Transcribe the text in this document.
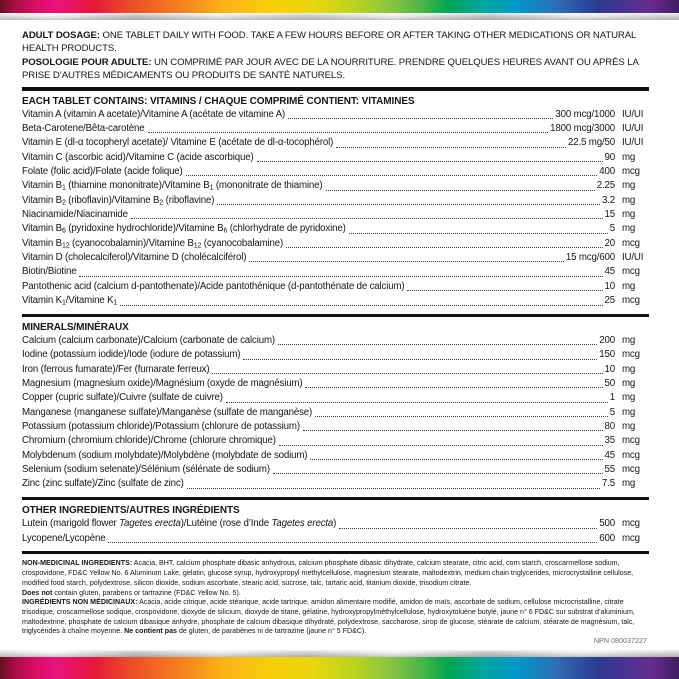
ADULT DOSAGE: ONE TABLET DAILY WITH FOOD. TAKE A FEW HOURS BEFORE OR AFTER TAKING OTHER MEDICATIONS OR NATURAL HEALTH PRODUCTS.

POSOLOGIE POUR ADULTE: UN COMPRIMÉ PAR JOUR AVEC DE LA NOURRITURE. PRENDRE QUELQUES HEURES AVANT OU APRÈS LA PRISE D’AUTRES MÉDICAMENTS OU PRODUITS DE SANTÉ NATURELS.

EACH TABLET CONTAINS: VITAMINS / CHAQUE COMPRIMÉ CONTIENT: VITAMINES
Vitamin A (vitamin A acetate)/Vitamine A (acétate de vitamine A)	300 mcg/1000 IU/UI
Beta-Carotene/Bêta-carotène	1800 mcg/3000 IU/UI
Vitamin E (dl-α tocopheryl acetate)/ Vitamine E (acétate de dl-α-tocophérol)	22.5 mg/50 IU/UI
Vitamin C (ascorbic acid)/Vitamine C (acide ascorbique)	90 mg
Folate (folic acid)/Folate (acide folique)	400 mcg
Vitamin $B_1$ (thiamine mononitrate)/Vitamine $B_1$ (mononitrate de thiamine)	2.25 mg
Vitamin $B_2$ (riboflavin)/Vitamine $B_2$ (riboflavine)	3.2 mg
Niacinamide/Niacinamide	15 mg
Vitamin $B_6$ (pyridoxine hydrochloride)/Vitamine $B_6$ (chlorhydrate de pyridoxine)	5 mg
Vitamin $B_{12}$ (cyanocobalamin)/Vitamine $B_{12}$ (cyanocobalamine)	20 mcg
Vitamin D (cholecalciferol)/Vitamine D (cholécalciférol)	15 mcg/600 IU/UI
Biotin/Biotine	45 mcg
Pantothenic acid (calcium d-pantothenate)/Acide pantothénique (d-pantothénate de calcium)	10 mg
Vitamin $K_1$/Vitamine $K_1$	25 mcg
MINERALS/MINÉRAUX
Calcium (calcium carbonate)/Calcium (carbonate de calcium)	200 mg
Iodine (potassium iodide)/Iode (iodure de potassium)	150 mcg
Iron (ferrous fumarate)/Fer (fumarate ferreux)	10 mg
Magnesium (magnesium oxide)/Magnésium (oxyde de magnésium)	50 mg
Copper (cupric sulfate)/Cuivre (sulfate de cuivre)	1 mg
Manganese (manganese sulfate)/Manganèse (sulfate de manganèse)	5 mg
Potassium (potassium chloride)/Potassium (chlorure de potassium)	80 mg
Chromium (chromium chloride)/Chrome (chlorure chromique)	35 mcg
Molybdenum (sodium molybdate)/Molybdène (molybdate de sodium)	45 mcg
Selenium (sodium selenate)/Sélénium (sélénate de sodium)	55 mcg
Zinc (zinc sulfate)/Zinc (sulfate de zinc)	7.5 mg
OTHER INGREDIENTS/AUTRES INGRÉDIENTS
Lutein (marigold flower Tagetes erecta)/Lutéine (rose d’Inde Tagetes erecta)	500 mcg
Lycopene/Lycopène	600 mcg

NON-MEDICINAL INGREDIENTS: Acacia, BHT, calcium phosphate dibasic anhydrous, calcium phosphate dibasic dihydrate, calcium stearate, citric acid, corn starch, croscarmellose sodium, crospovidone, FD&C Yellow No. 6 Aluminum Lake, gelatin, glucose syrup, hydroxypropyl methylcellulose, magnesium stearate, maltodextrin, medium chain triglycerides, microcrystalline cellulose, modified food starch, polydextrose, silicon dioxide, sodium ascorbate, stearic acid, sucrose, talc, tartaric acid, titanium dioxide, trisodium citrate.

Does not contain gluten, parabens or tartrazine (FD&C Yellow No. 5).

INGRÉDIENTS NON MÉDICINAUX: Acacia, acide citrique, acide stéarique, acide tartrique, amidon alimentaire modifié, amidon de maïs, ascorbate de sodium, cellulose microcristalline, citrate trisodique, croscarmellose sodique, crospovidone, dioxyde de silicium, dioxyde de titane, gélatine, hydroxypropylméthylcellulose, hydroxytoluène butylé, jaune n° 6 FD&C sur substrat d’aluminium, maltodextrine, phosphate de calcium dibasique anhydre, phosphate de calcium dibasique dihydraté, polydextrose, saccharose, sirop de glucose, stéarate de calcium, stéarate de magnésium, talc, triglycérides à chaîne moyenne. Ne contient pas de gluten, de parabènes ni de tartrazine (jaune n° 5 FD&C).

NPN 080037227
